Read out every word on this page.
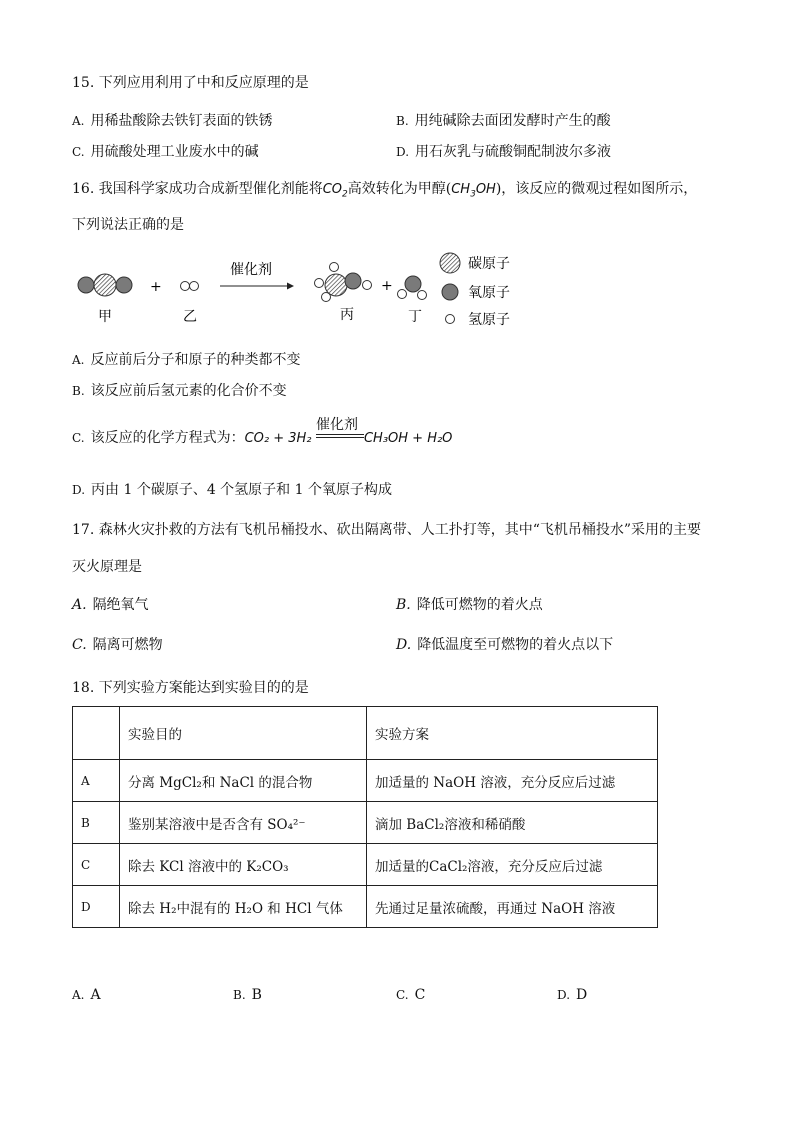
15. 下列应用利用了中和反应原理的是
A. 用稀盐酸除去铁钉表面的铁锈	B. 用纯碱除去面团发酵时产生的酸
C. 用硫酸处理工业废水中的碱	D. 用石灰乳与硫酸铜配制波尔多液
16. 我国科学家成功合成新型催化剂能将$CO_2$高效转化为甲醇$(CH_3OH)$，该反应的微观过程如图所示，
下列说法正确的是
+
催化剂
+
甲	乙	丙	丁
碳原子
氧原子
氢原子
A. 反应前后分子和原子的种类都不变
B. 该反应前后氢元素的化合价不变
C. 该反应的化学方程式为：CO₂ + 3H₂
催化剂
CH₃OH + H₂O
D. 丙由 1 个碳原子、4 个氢原子和 1 个氧原子构成
17. 森林火灾扑救的方法有飞机吊桶投水、砍出隔离带、人工扑打等，其中“飞机吊桶投水”采用的主要
灭火原理是
A. 隔绝氧气	B. 降低可燃物的着火点
C. 隔离可燃物	D. 降低温度至可燃物的着火点以下
18. 下列实验方案能达到实验目的的是
	实验目的	实验方案
A	分离 MgCl₂和 NaCl 的混合物	加适量的 NaOH 溶液，充分反应后过滤
B	鉴别某溶液中是否含有 SO₄²⁻	滴加 BaCl₂溶液和稀硝酸
C	除去 KCl 溶液中的 K₂CO₃	加适量的CaCl₂溶液，充分反应后过滤
D	除去 H₂中混有的 H₂O 和 HCl 气体	先通过足量浓硫酸，再通过 NaOH 溶液
A. A	B. B	C. C	D. D
